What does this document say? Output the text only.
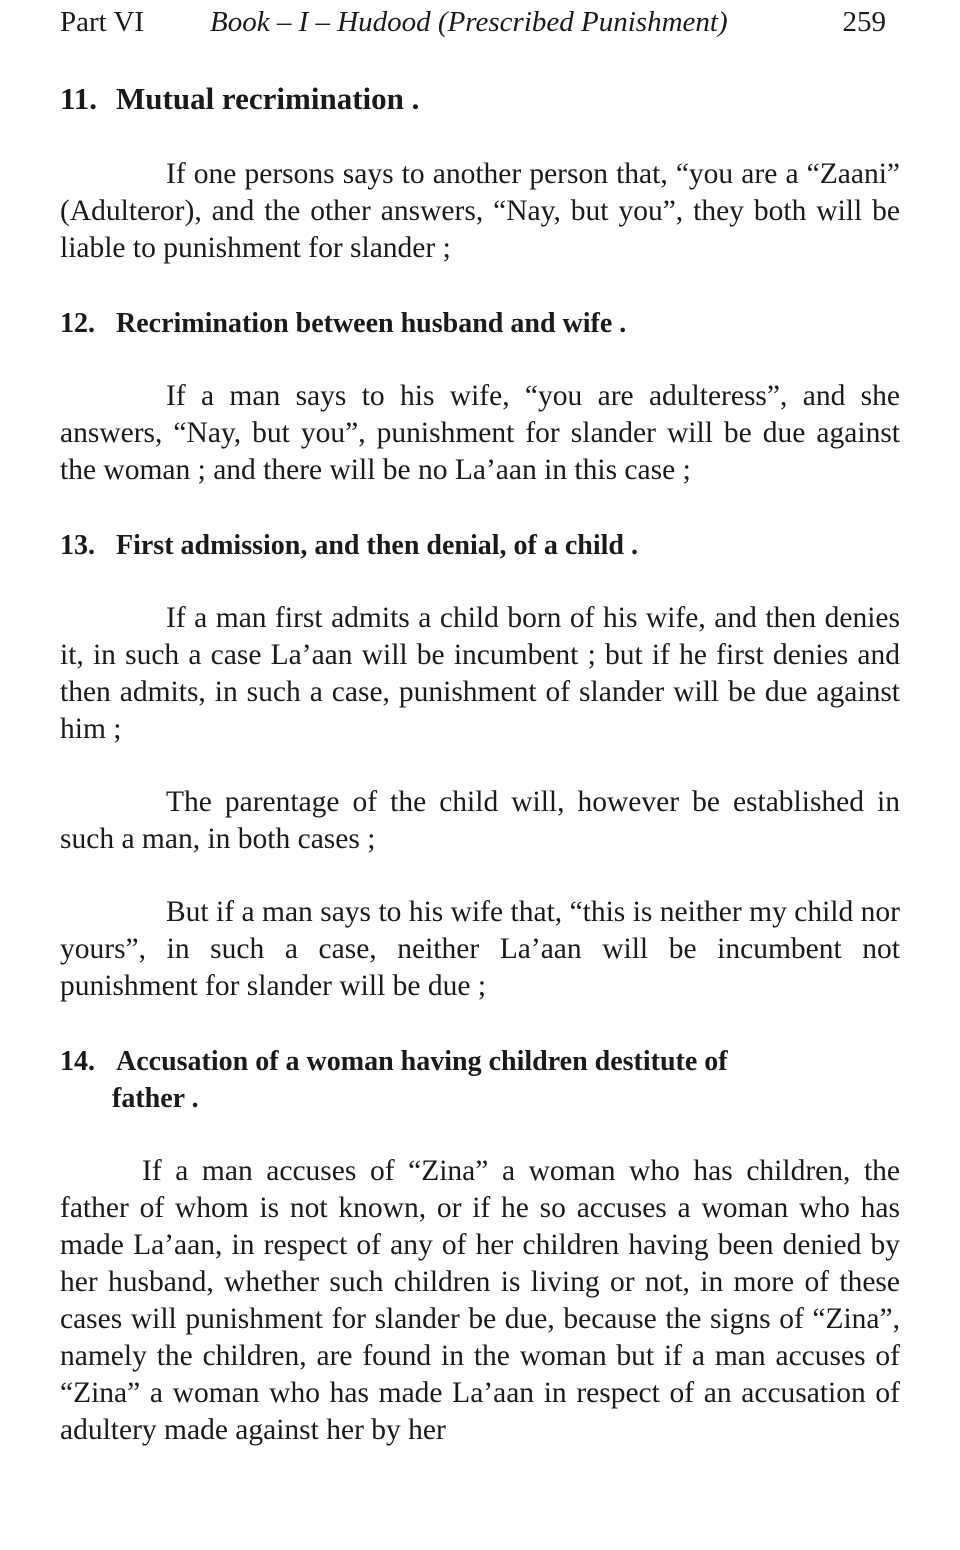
Part VI Book – I – Hudood (Prescribed Punishment)	259
11. Mutual recrimination .

If one persons says to another person that, “you are a “Zaani” (Adulteror), and the other answers, “Nay, but you”, they both will be liable to punishment for slander ;

12. Recrimination between husband and wife .

If a man says to his wife, “you are adulteress”, and she answers, “Nay, but you”, punishment for slander will be due against the woman ; and there will be no La’aan in this case ;

13. First admission, and then denial, of a child .

If a man first admits a child born of his wife, and then denies it, in such a case La’aan will be incumbent ; but if he first denies and then admits, in such a case, punishment of slander will be due against him ;

The parentage of the child will, however be established in such a man, in both cases ;

But if a man says to his wife that, “this is neither my child nor yours”, in such a case, neither La’aan will be incumbent not punishment for slander will be due ;

14. Accusation of a woman having children destitute of
father .

If a man accuses of “Zina” a woman who has children, the father of whom is not known, or if he so accuses a woman who has made La’aan, in respect of any of her children having been denied by her husband, whether such children is living or not, in more of these cases will punishment for slander be due, because the signs of “Zina”, namely the children, are found in the woman but if a man accuses of “Zina” a woman who has made La’aan in respect of an accusation of adultery made against her by her
